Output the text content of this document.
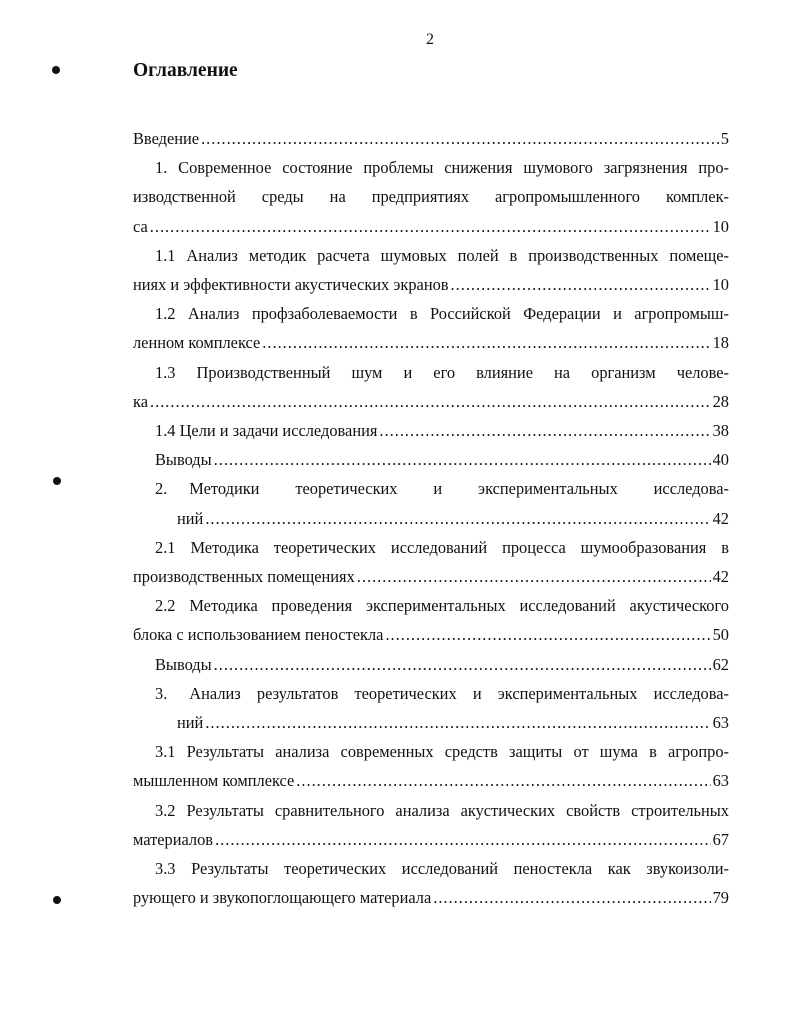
2
Оглавление
Введение .....	5
1. Современное состояние проблемы снижения шумового загрязнения про-
изводственной среды на предприятиях агропромышленного комплек-
са .....	10
1.1 Анализ методик расчета шумовых полей в производственных помеще-
ниях и эффективности акустических экранов .....	10
1.2 Анализ профзаболеваемости в Российской Федерации и агропромыш-
ленном комплексе .....	18
1.3 Производственный шум и его влияние на организм челове-
ка .....	28
1.4 Цели и задачи исследования .....	38
Выводы .....	40
2. Методики теоретических и экспериментальных исследова-
ний .....	42
2.1 Методика теоретических исследований процесса шумообразования в
производственных помещениях .....	42
2.2 Методика проведения экспериментальных исследований акустического
блока с использованием пеностекла .....	50
Выводы .....	62
3. Анализ результатов теоретических и экспериментальных исследова-
ний .....	63
3.1 Результаты анализа современных средств защиты от шума в агропро-
мышленном комплексе .....	63
3.2 Результаты сравнительного анализа акустических свойств строительных
материалов .....	67
3.3 Результаты теоретических исследований пеностекла как звукоизоли-
рующего и звукопоглощающего материала .....	79
